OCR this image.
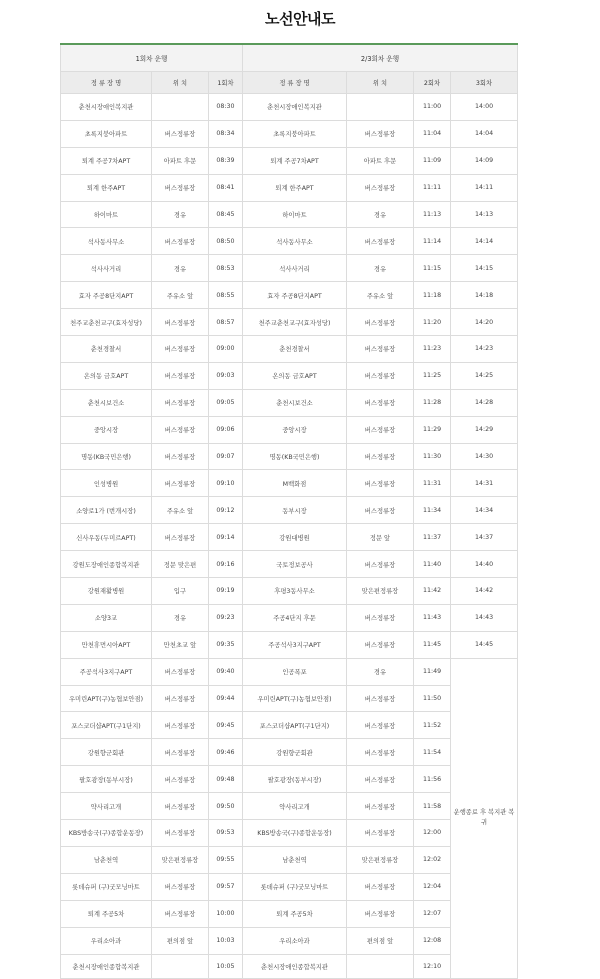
노선안내도
1회차 운행			2/3회차 운행			
정 류 장 명	위 치	1회차	정 류 장 명	위 치	2회차	3회차
춘천시장애인복지관		08:30	춘천시장애인복지관		11:00	14:00
초록지붕아파트	버스정류장	08:34	초록지붕아파트	버스정류장	11:04	14:04
퇴계 주공7차APT	아파트 후문	08:39	퇴계 주공7차APT	아파트 후문	11:09	14:09
퇴계 한주APT	버스정류장	08:41	퇴계 한주APT	버스정류장	11:11	14:11
하이마트	경유	08:45	하이마트	경유	11:13	14:13
석사동사무소	버스정류장	08:50	석사동사무소	버스정류장	11:14	14:14
석사사거리	경유	08:53	석사사거리	경유	11:15	14:15
효자 주공8단지APT	주유소 앞	08:55	효자 주공8단지APT	주유소 앞	11:18	14:18
천주교춘천교구(효자성당)	버스정류장	08:57	천주교춘천교구(효자성당)	버스정류장	11:20	14:20
춘천경찰서	버스정류장	09:00	춘천경찰서	버스정류장	11:23	14:23
온의동 금호APT	버스정류장	09:03	온의동 금호APT	버스정류장	11:25	14:25
춘천시보건소	버스정류장	09:05	춘천시보건소	버스정류장	11:28	14:28
중앙시장	버스정류장	09:06	중앙시장	버스정류장	11:29	14:29
명동(KB국민은행)	버스정류장	09:07	명동(KB국민은행)	버스정류장	11:30	14:30
인성병원	버스정류장	09:10	M백화점	버스정류장	11:31	14:31
소양로1가 (번개시장)	주유소 앞	09:12	동부시장	버스정류장	11:34	14:34
신사우동(두미르APT)	버스정류장	09:14	강원대병원	정문 앞	11:37	14:37
강원도장애인종합복지관	정문 맞은편	09:16	국토정보공사	버스정류장	11:40	14:40
강원재활병원	입구	09:19	후평3동사무소	맞은편정류장	11:42	14:42
소양3교	경유	09:23	주공4단지 후문	버스정류장	11:43	14:43
만천휴먼시아APT	만천초교 앞	09:35	주공석사3지구APT	버스정류장	11:45	14:45
주공석사3지구APT	버스정류장	09:40	인공폭포	경유	11:49	운행종료 후 복지관 복귀
우미린APT(구)농협보안점)	버스정류장	09:44	우미린APT(구)농협보안점)	버스정류장	11:50	
포스코더샵APT(구1단지)	버스정류장	09:45	포스코더샵APT(구1단지)	버스정류장	11:52	
강원향군회관	버스정류장	09:46	강원향군회관	버스정류장	11:54	
팔호광장(동부시장)	버스정류장	09:48	팔호광장(동부시장)	버스정류장	11:56	
약사리고개	버스정류장	09:50	약사리고개	버스정류장	11:58	
KBS방송국(구)종합운동장)	버스정류장	09:53	KBS방송국(구)종합운동장)	버스정류장	12:00	
남춘천역	맞은편정류장	09:55	남춘천역	맞은편정류장	12:02	
롯데슈퍼 (구)굿모닝마트	버스정류장	09:57	롯데슈퍼 (구)굿모닝마트	버스정류장	12:04	
퇴계 주공5차	버스정류장	10:00	퇴계 주공5차	버스정류장	12:07	
우리소아과	편의점 앞	10:03	우리소아과	편의점 앞	12:08	
춘천시장애인종합복지관		10:05	춘천시장애인종합복지관		12:10	
